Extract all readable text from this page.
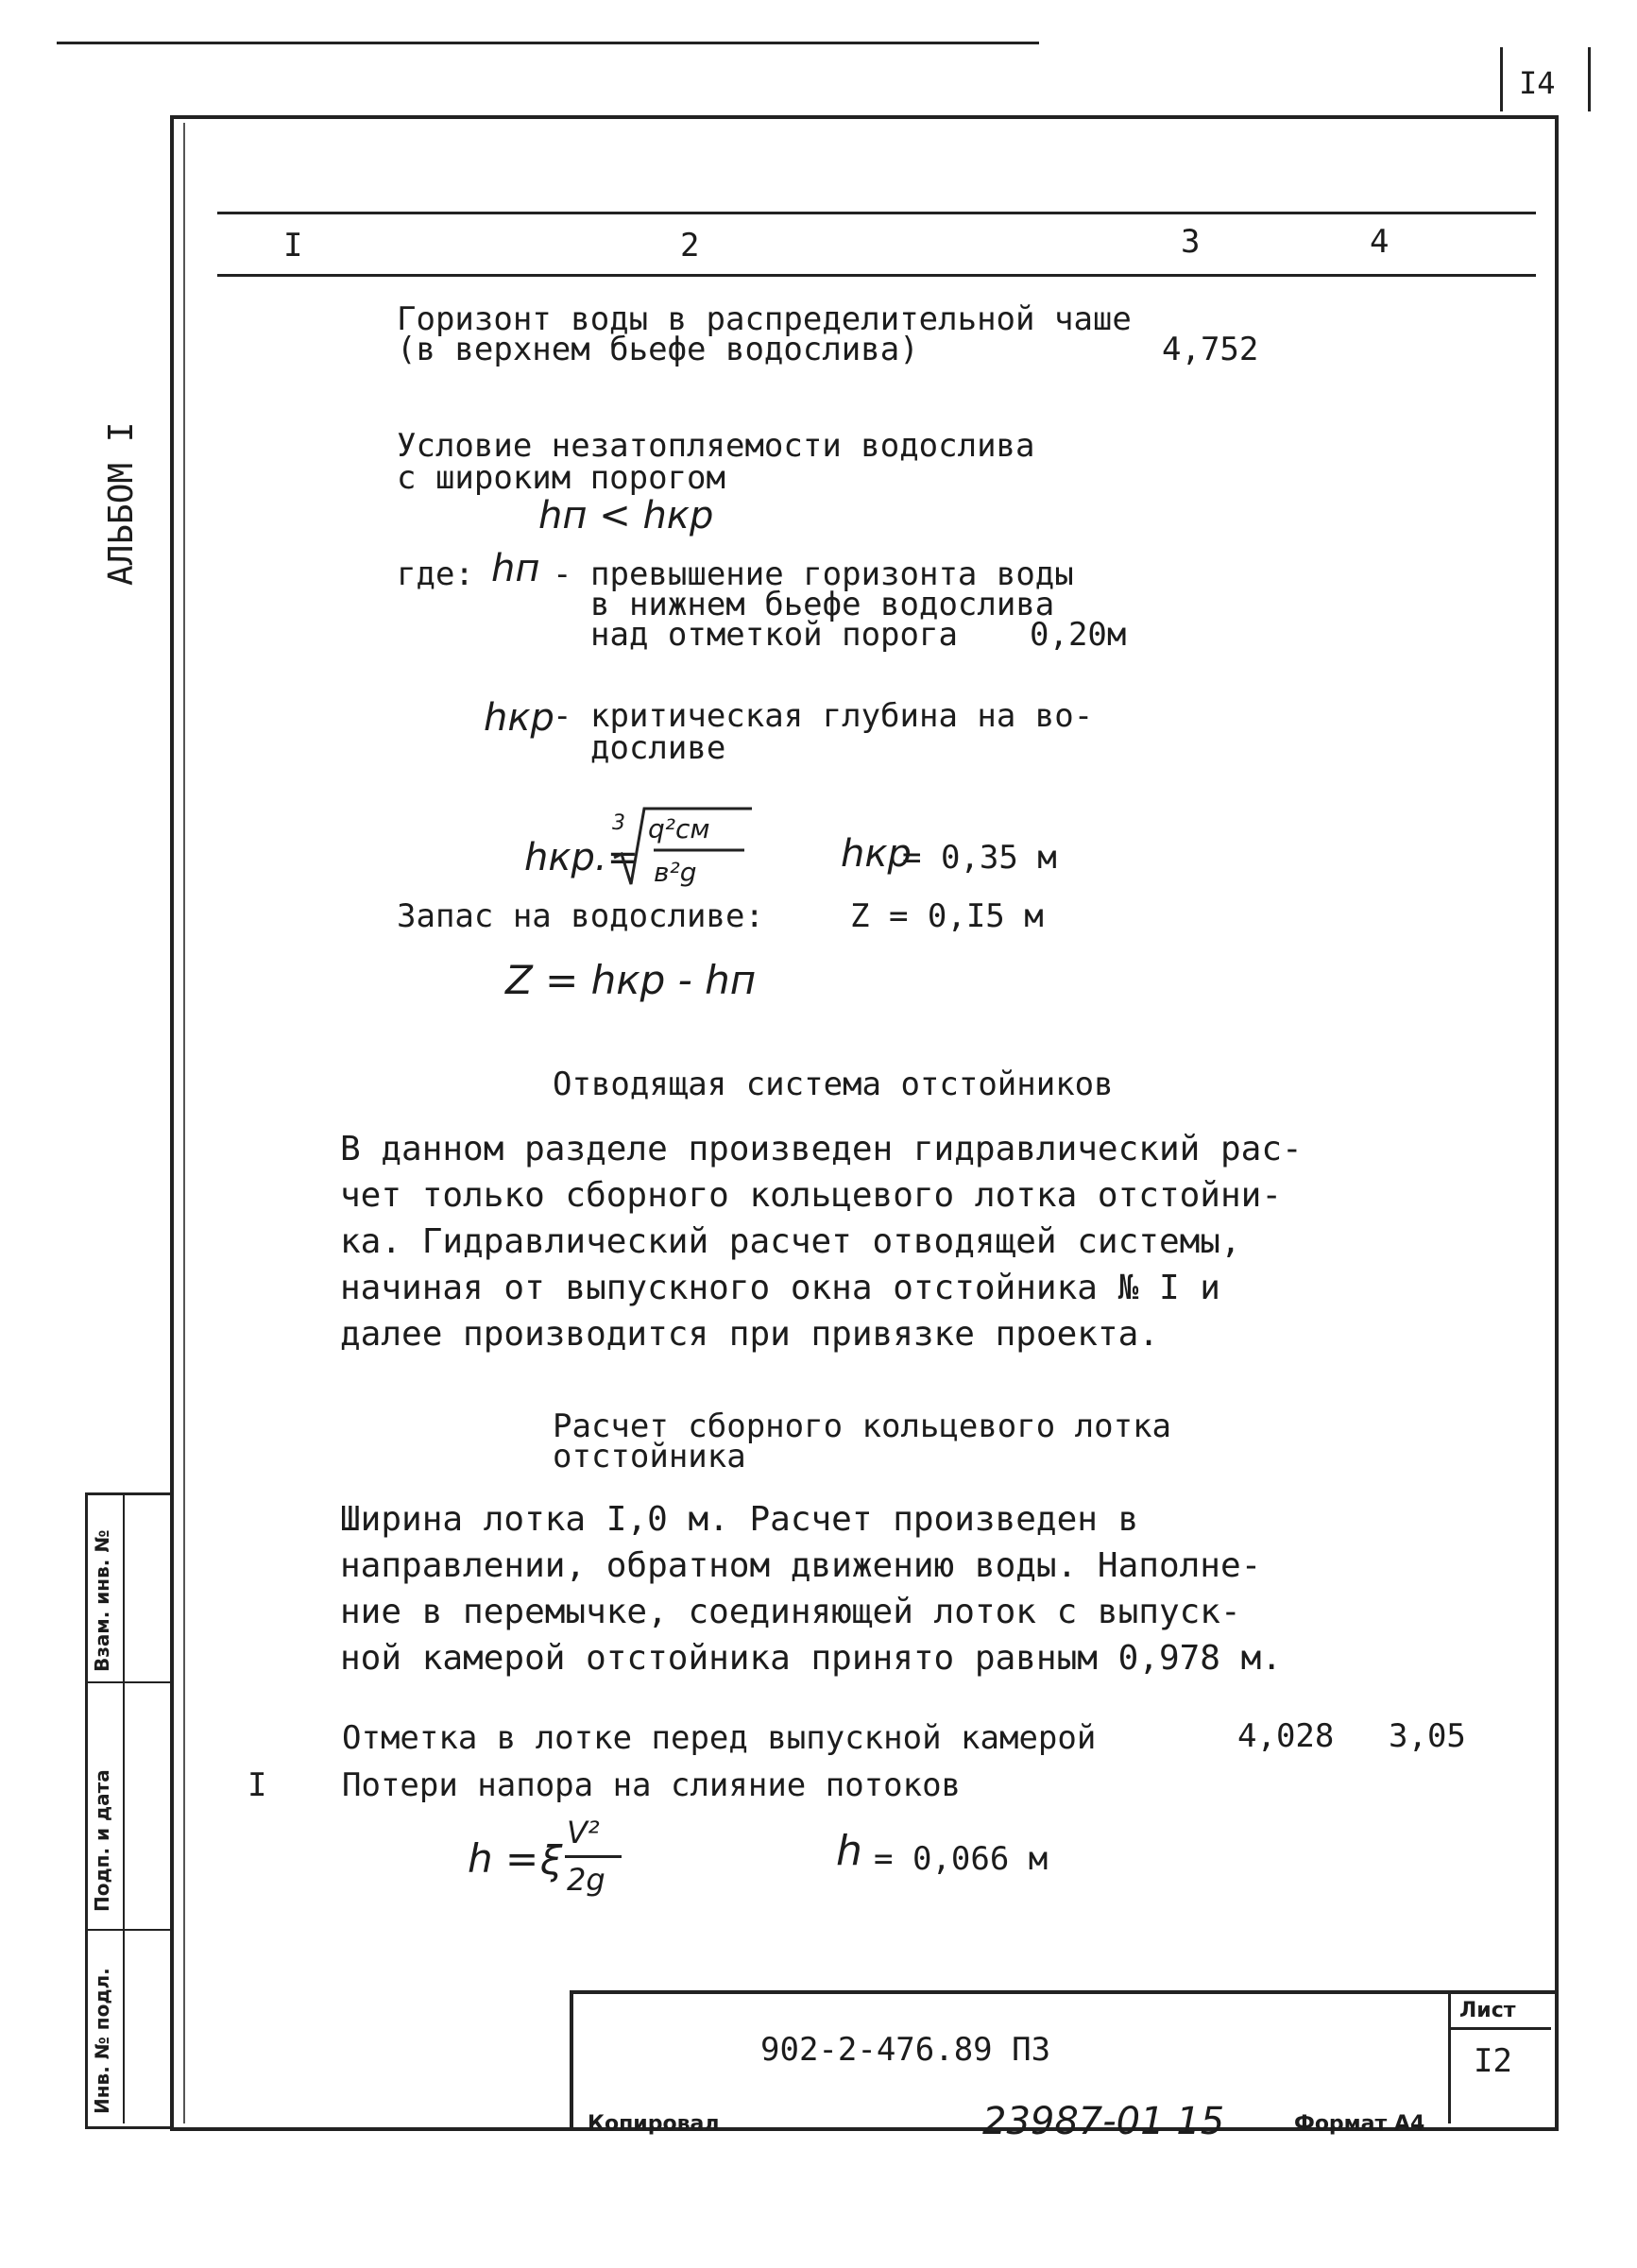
I4
АЛЬБОМ I
Взам. инв. №
Подп. и дата
Инв. № подл.
I	2	3	4
Горизонт воды в распределительной чаше
(в верхнем бьефе водослива)	4,752
Условие незатопляемости водослива
с широким порогом
hп < hкр
где: hп - превышение горизонта воды
в нижнем бьефе водослива
над отметкой порога 0,20м
hкр
- критическая глубина на во-
досливе
hкр.=
3 q²см
в²g	hкр
= 0,35 м
Запас на водосливе:	Z = 0,I5 м
Z = hкр - hп
Отводящая система отстойников
В данном разделе произведен гидравлический рас-
чет только сборного кольцевого лотка отстойни-
ка. Гидравлический расчет отводящей системы,
начиная от выпускного окна отстойника № I и
далее производится при привязке проекта.
Расчет сборного кольцевого лотка
отстойника
Ширина лотка I,0 м. Расчет произведен в
направлении, обратном движению воды. Наполне-
ние в перемычке, соединяющей лоток с выпуск-
ной камерой отстойника принято равным 0,978 м.
Отметка в лотке перед выпускной камерой	4,028 3,05
I Потери напора на слияние потоков
h = ξ
V²
2g
h = 0,066 м
902-2-476.89 ПЗ
Лист
I2
Копировал	23987-01 15	Формат А4
